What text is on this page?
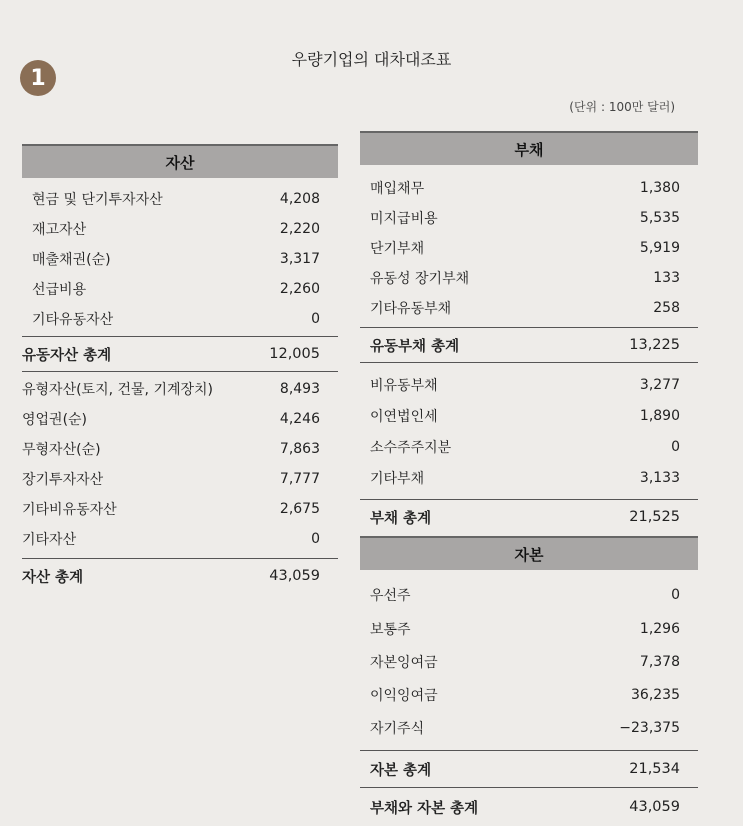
1
우량기업의 대차대조표
(단위 : 100만 달러)
자산
현금 및 단기투자자산	4,208
재고자산	2,220
매출채권(순)	3,317
선급비용	2,260
기타유동자산	0
유동자산 총계	12,005
유형자산(토지, 건물, 기계장치)	8,493
영업권(순)	4,246
무형자산(순)	7,863
장기투자자산	7,777
기타비유동자산	2,675
기타자산	0
자산 총계	43,059
부채
매입채무	1,380
미지급비용	5,535
단기부채	5,919
유동성 장기부채	133
기타유동부채	258
유동부채 총계	13,225
비유동부채	3,277
이연법인세	1,890
소수주주지분	0
기타부채	3,133
부채 총계	21,525
자본
우선주	0
보통주	1,296
자본잉여금	7,378
이익잉여금	36,235
자기주식	−23,375
자본 총계	21,534
부채와 자본 총계	43,059
